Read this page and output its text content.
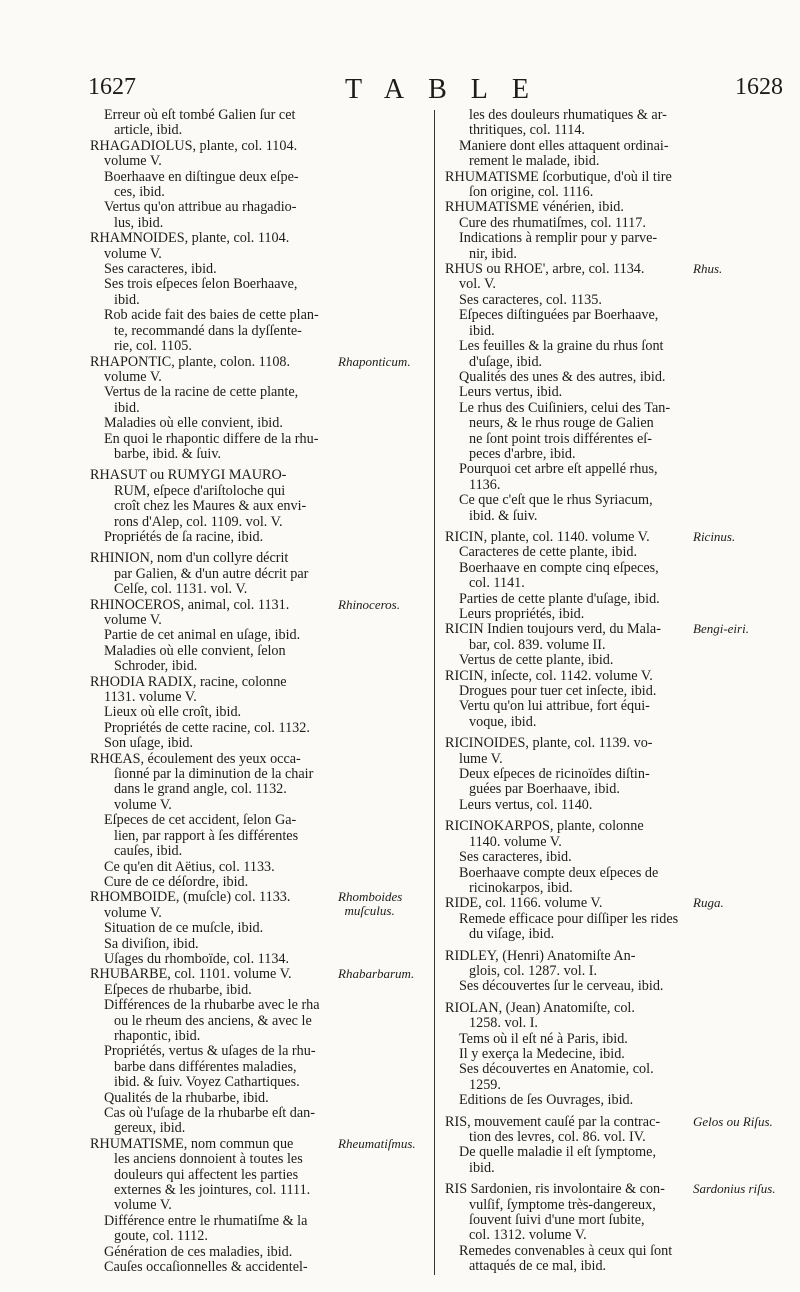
1627	TABLE	1628
Erreur où eſt tombé Galien ſur cet
article, ibid.
RHAGADIOLUS, plante, col. 1104.
volume V.
Boerhaave en diſtingue deux eſpe-
ces, ibid.
Vertus qu'on attribue au rhagadio-
lus, ibid.
RHAMNOIDES, plante, col. 1104.
volume V.
Ses caracteres, ibid.
Ses trois eſpeces ſelon Boerhaave,
ibid.
Rob acide fait des baies de cette plan-
te, recommandé dans la dyſſente-
rie, col. 1105.
RHAPONTIC, plante, colon. 1108.
volume V.
Vertus de la racine de cette plante,
ibid.
Maladies où elle convient, ibid.
En quoi le rhapontic differe de la rhu-
barbe, ibid. & ſuiv.
Rhaponticum.
RHASUT ou RUMYGI MAURO-
RUM, eſpece d'ariſtoloche qui
croît chez les Maures & aux envi-
rons d'Alep, col. 1109. vol. V.
Propriétés de ſa racine, ibid.
RHINION, nom d'un collyre décrit
par Galien, & d'un autre décrit par
Celſe, col. 1131. vol. V.
RHINOCEROS, animal, col. 1131.
volume V.
Partie de cet animal en uſage, ibid.
Maladies où elle convient, ſelon
Schroder, ibid.
Rhinoceros.
RHODIA RADIX, racine, colonne
1131. volume V.
Lieux où elle croît, ibid.
Propriétés de cette racine, col. 1132.
Son uſage, ibid.
RHŒAS, écoulement des yeux occa-
ſionné par la diminution de la chair
dans le grand angle, col. 1132.
volume V.
Eſpeces de cet accident, ſelon Ga-
lien, par rapport à ſes différentes
cauſes, ibid.
Ce qu'en dit Aëtius, col. 1133.
Cure de ce déſordre, ibid.
RHOMBOIDE, (muſcle) col. 1133.
volume V.
Situation de ce muſcle, ibid.
Sa diviſion, ibid.
Uſages du rhomboïde, col. 1134.
Rhomboides
muſculus.
RHUBARBE, col. 1101. volume V.
Eſpeces de rhubarbe, ibid.
Différences de la rhubarbe avec le rha
ou le rheum des anciens, & avec le
rhapontic, ibid.
Propriétés, vertus & uſages de la rhu-
barbe dans différentes maladies,
ibid. & ſuiv. Voyez Cathartiques.
Qualités de la rhubarbe, ibid.
Cas où l'uſage de la rhubarbe eſt dan-
gereux, ibid.
Rhabarbarum.
RHUMATISME, nom commun que
les anciens donnoient à toutes les
douleurs qui affectent les parties
externes & les jointures, col. 1111.
volume V.
Différence entre le rhumatiſme & la
goute, col. 1112.
Génération de ces maladies, ibid.
Cauſes occaſionnelles & accidentel-
Rheumatiſmus.
les des douleurs rhumatiques & ar-
thritiques, col. 1114.
Maniere dont elles attaquent ordinai-
rement le malade, ibid.
RHUMATISME ſcorbutique, d'où il tire
ſon origine, col. 1116.
RHUMATISME vénérien, ibid.
Cure des rhumatiſmes, col. 1117.
Indications à remplir pour y parve-
nir, ibid.
RHUS ou RHOE', arbre, col. 1134.
vol. V.
Ses caracteres, col. 1135.
Eſpeces diſtinguées par Boerhaave,
ibid.
Les feuilles & la graine du rhus ſont
d'uſage, ibid.
Qualités des unes & des autres, ibid.
Leurs vertus, ibid.
Le rhus des Cuiſiniers, celui des Tan-
neurs, & le rhus rouge de Galien
ne ſont point trois différentes eſ-
peces d'arbre, ibid.
Pourquoi cet arbre eſt appellé rhus,
1136.
Ce que c'eſt que le rhus Syriacum,
ibid. & ſuiv.
Rhus.
RICIN, plante, col. 1140. volume V.
Caracteres de cette plante, ibid.
Boerhaave en compte cinq eſpeces,
col. 1141.
Parties de cette plante d'uſage, ibid.
Leurs propriétés, ibid.
Ricinus.
RICIN Indien toujours verd, du Mala-
bar, col. 839. volume II.
Vertus de cette plante, ibid.
Bengi-eiri.
RICIN, inſecte, col. 1142. volume V.
Drogues pour tuer cet inſecte, ibid.
Vertu qu'on lui attribue, fort équi-
voque, ibid.
RICINOIDES, plante, col. 1139. vo-
lume V.
Deux eſpeces de ricinoïdes diſtin-
guées par Boerhaave, ibid.
Leurs vertus, col. 1140.
RICINOKARPOS, plante, colonne
1140. volume V.
Ses caracteres, ibid.
Boerhaave compte deux eſpeces de
ricinokarpos, ibid.
RIDE, col. 1166. volume V.
Remede efficace pour diſſiper les rides
du viſage, ibid.
Ruga.
RIDLEY, (Henri) Anatomiſte An-
glois, col. 1287. vol. I.
Ses découvertes ſur le cerveau, ibid.
RIOLAN, (Jean) Anatomiſte, col.
1258. vol. I.
Tems où il eſt né à Paris, ibid.
Il y exerça la Medecine, ibid.
Ses découvertes en Anatomie, col.
1259.
Editions de ſes Ouvrages, ibid.
RIS, mouvement cauſé par la contrac-
tion des levres, col. 86. vol. IV.
De quelle maladie il eſt ſymptome,
ibid.
Gelos ou Riſus.
RIS Sardonien, ris involontaire & con-
vulſif, ſymptome très-dangereux,
ſouvent ſuivi d'une mort ſubite,
col. 1312. volume V.
Remedes convenables à ceux qui ſont
attaqués de ce mal, ibid.
Sardonius riſus.
